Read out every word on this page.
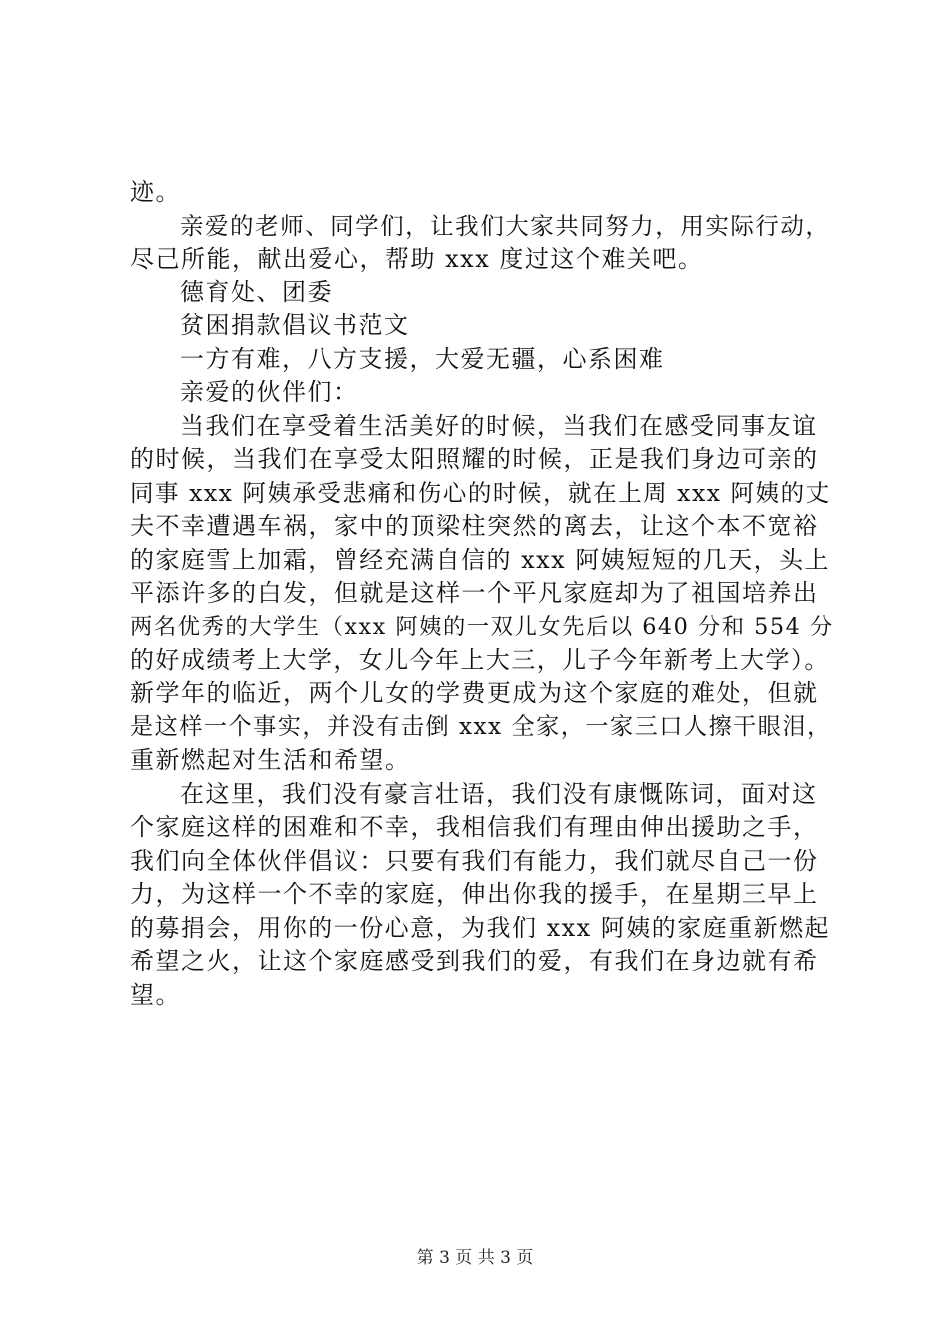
迹。
亲爱的老师、同学们，让我们大家共同努力，用实际行动，
尽己所能，献出爱心，帮助 xxx 度过这个难关吧。
德育处、团委
贫困捐款倡议书范文
一方有难，八方支援，大爱无疆，心系困难
亲爱的伙伴们：
当我们在享受着生活美好的时候，当我们在感受同事友谊
的时候，当我们在享受太阳照耀的时候，正是我们身边可亲的
同事 xxx 阿姨承受悲痛和伤心的时候，就在上周 xxx 阿姨的丈
夫不幸遭遇车祸，家中的顶梁柱突然的离去，让这个本不宽裕
的家庭雪上加霜，曾经充满自信的 xxx 阿姨短短的几天，头上
平添许多的白发，但就是这样一个平凡家庭却为了祖国培养出
两名优秀的大学生（xxx 阿姨的一双儿女先后以 640 分和 554 分
的好成绩考上大学，女儿今年上大三，儿子今年新考上大学）。
新学年的临近，两个儿女的学费更成为这个家庭的难处，但就
是这样一个事实，并没有击倒 xxx 全家，一家三口人擦干眼泪，
重新燃起对生活和希望。
在这里，我们没有豪言壮语，我们没有康慨陈词，面对这
个家庭这样的困难和不幸，我相信我们有理由伸出援助之手，
我们向全体伙伴倡议：只要有我们有能力，我们就尽自己一份
力，为这样一个不幸的家庭，伸出你我的援手，在星期三早上
的募捐会，用你的一份心意，为我们 xxx 阿姨的家庭重新燃起
希望之火，让这个家庭感受到我们的爱，有我们在身边就有希
望。
第 3 页 共 3 页
